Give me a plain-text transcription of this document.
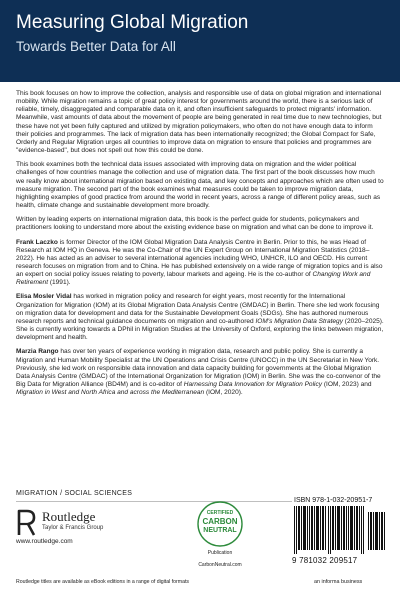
Measuring Global Migration
Towards Better Data for All

This book focuses on how to improve the collection, analysis and responsible use of data on global migration and international mobility. While migration remains a topic of great policy interest for governments around the world, there is a serious lack of reliable, timely, disaggregated and comparable data on it, and often insufficient safeguards to protect migrants' information. Meanwhile, vast amounts of data about the movement of people are being generated in real time due to new technologies, but these have not yet been fully captured and utilized by migration policymakers, who often do not have enough data to inform their policies and programmes. The lack of migration data has been internationally recognized; the Global Compact for Safe, Orderly and Regular Migration urges all countries to improve data on migration to ensure that policies and programmes are "evidence-based", but does not spell out how this could be done.

This book examines both the technical data issues associated with improving data on migration and the wider political challenges of how countries manage the collection and use of migration data. The first part of the book discusses how much we really know about international migration based on existing data, and key concepts and approaches which are often used to measure migration. The second part of the book examines what measures could be taken to improve migration data, highlighting examples of good practice from around the world in recent years, across a range of different policy areas, such as health, climate change and sustainable development more broadly.

Written by leading experts on international migration data, this book is the perfect guide for students, policymakers and practitioners looking to understand more about the existing evidence base on migration and what can be done to improve it.

Frank Laczko is former Director of the IOM Global Migration Data Analysis Centre in Berlin. Prior to this, he was Head of Research at IOM HQ in Geneva. He was the Co-Chair of the UN Expert Group on International Migration Statistics (2018–2022). He has acted as an adviser to several international agencies including WHO, UNHCR, ILO and OECD. His current research focuses on migration from and to China. He has published extensively on a wide range of migration topics and is also an expert on social policy issues relating to poverty, labour markets and ageing. He is the co-author of Changing Work and Retirement (1991).

Elisa Mosler Vidal has worked in migration policy and research for eight years, most recently for the International Organization for Migration (IOM) at its Global Migration Data Analysis Centre (GMDAC) in Berlin. There she led work focusing on migration data for development and data for the Sustainable Development Goals (SDGs). She has authored numerous research reports and technical guidance documents on migration and co-authored IOM's Migration Data Strategy (2020–2025). She is currently working towards a DPhil in Migration Studies at the University of Oxford, exploring the links between migration, development and health.

Marzia Rango has over ten years of experience working in migration data, research and public policy. She is currently a Migration and Human Mobility Specialist at the UN Operations and Crisis Centre (UNOCC) in the UN Secretariat in New York. Previously, she led work on responsible data innovation and data capacity building for governments at the Global Migration Data Analysis Centre (GMDAC) of the International Organization for Migration (IOM) in Berlin. She was the co-convenor of the Big Data for Migration Alliance (BD4M) and is co-editor of Harnessing Data Innovation for Migration Policy (IOM, 2023) and Migration in West and North Africa and across the Mediterranean (IOM, 2020).

MIGRATION / SOCIAL SCIENCES
Routledge
Taylor & Francis Group
www.routledge.com
CERTIFIED
CARBON
NEUTRAL
Publication
CarbonNeutral.com
ISBN 978-1-032-20951-7
9 781032 209517
Routledge titles are available as eBook editions in a range of digital formats	an informa business
